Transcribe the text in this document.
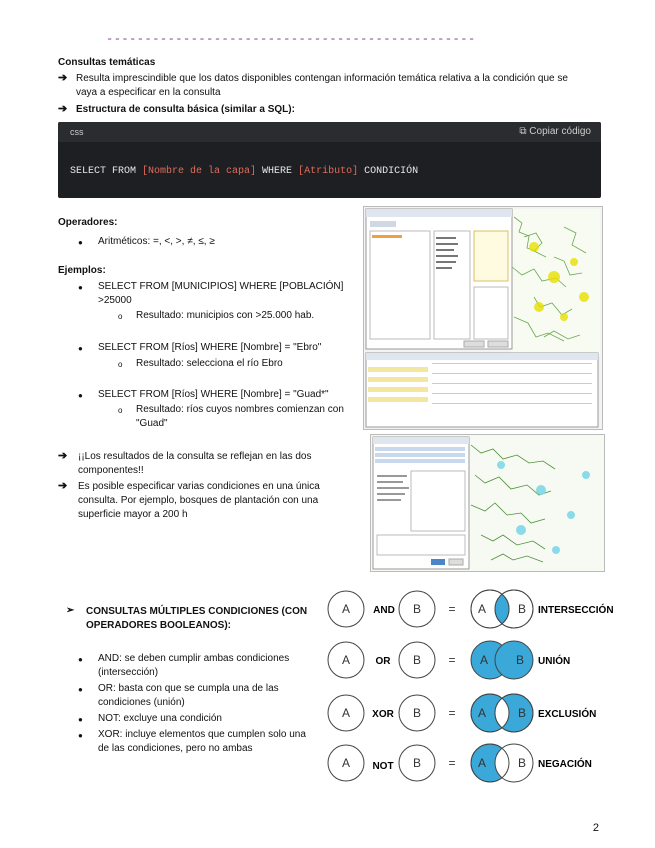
------------------------------------------------
Consultas temáticas
➔ Resulta imprescindible que los datos disponibles contengan información temática relativa a la condición que se
vaya a especificar en la consulta
➔ Estructura de consulta básica (similar a SQL):
css	⧉ Copiar código
SELECT FROM [Nombre de la capa] WHERE [Atributo] CONDICIÓN
Operadores:
● Aritméticos: =, <, >, ≠, ≤, ≥
Ejemplos:
● SELECT FROM [MUNICIPIOS] WHERE [POBLACIÓN]
>25000
o Resultado: municipios con >25.000 hab.
● SELECT FROM [Ríos] WHERE [Nombre] = "Ebro"
o Resultado: selecciona el río Ebro
● SELECT FROM [Ríos] WHERE [Nombre] = "Guad*"
o Resultado: ríos cuyos nombres comienzan con
"Guad"
➔ ¡¡Los resultados de la consulta se reflejan en las dos
componentes!!
➔ Es posible especificar varias condiciones en una única
consulta. Por ejemplo, bosques de plantación con una
superficie mayor a 200 h
➢ CONSULTAS MÚLTIPLES CONDICIONES (CON
OPERADORES BOOLEANOS):
● AND: se deben cumplir ambas condiciones
(intersección)
● OR: basta con que se cumpla una de las
condiciones (unión)
● NOT: excluye una condición
● XOR: incluye elementos que cumplen solo una
de las condiciones, pero no ambas
A AND B = A	B INTERSECCIÓN
A	OR B = A B UNIÓN
A XOR B = A	B EXCLUSIÓN
A NOT B = A	B NEGACIÓN
2
